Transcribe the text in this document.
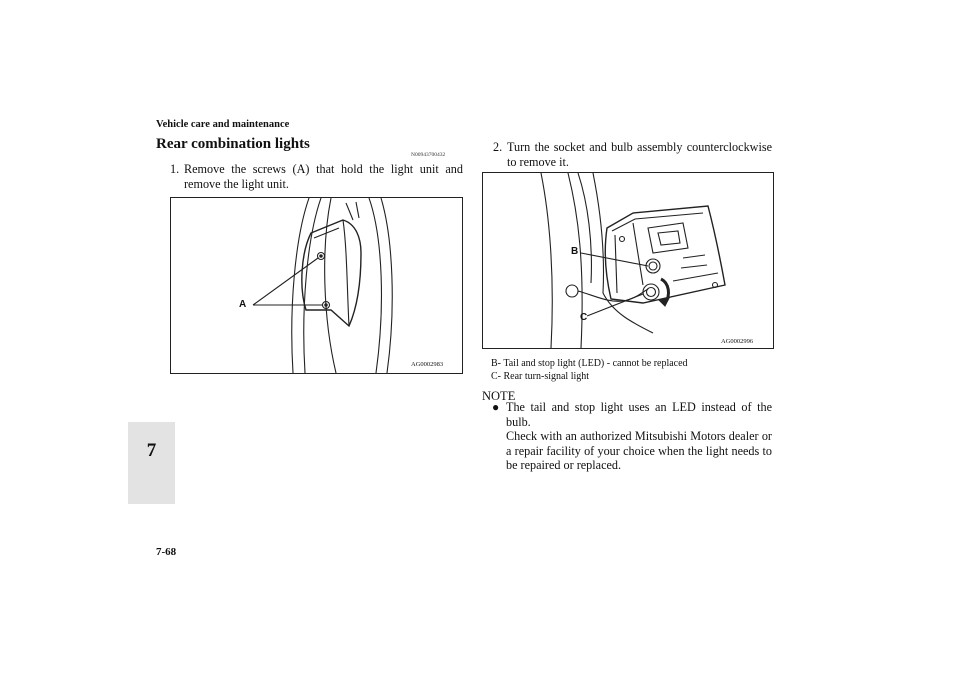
Vehicle care and maintenance
7
Rear combination lights
N00943700432
1. Remove the screws (A) that hold the light unit and remove the light unit.
A
AG0002983
2. Turn the socket and bulb assembly counterclockwise to remove it.
B
C
AG0002996
B- Tail and stop light (LED) - cannot be replaced
C- Rear turn-signal light
NOTE
● The tail and stop light uses an LED instead of the bulb.
Check with an authorized Mitsubishi Motors dealer or a repair facility of your choice when the light needs to be repaired or replaced.
7-68
